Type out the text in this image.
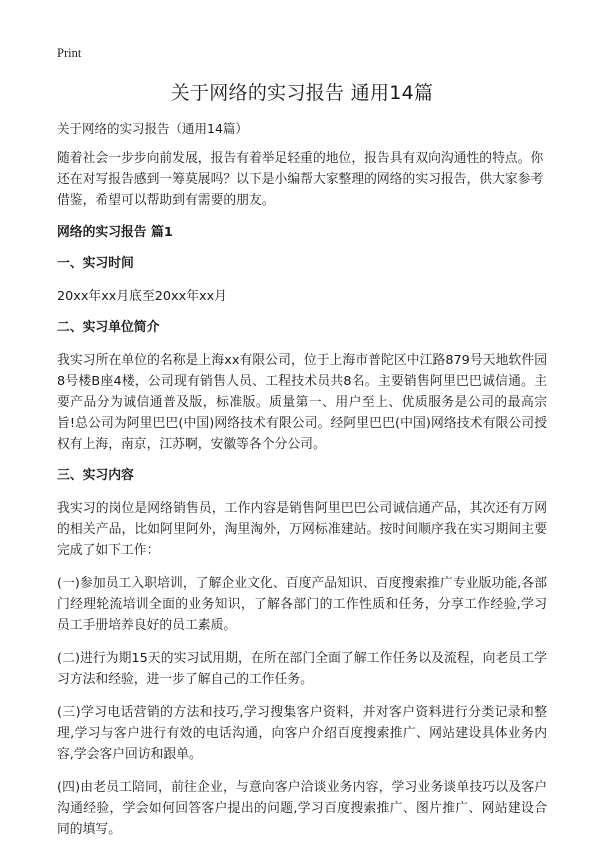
Print
关于网络的实习报告 通用14篇

关于网络的实习报告（通用14篇）

随着社会一步步向前发展，报告有着举足轻重的地位，报告具有双向沟通性的特点。你还在对写报告感到一筹莫展吗？以下是小编帮大家整理的网络的实习报告，供大家参考借鉴，希望可以帮助到有需要的朋友。

网络的实习报告 篇1

一、实习时间

20xx年xx月底至20xx年xx月

二、实习单位简介

我实习所在单位的名称是上海xx有限公司，位于上海市普陀区中江路879号天地软件园8号楼B座4楼，公司现有销售人员、工程技术员共8名。主要销售阿里巴巴诚信通。主要产品分为诚信通普及版，标准版。质量第一、用户至上、优质服务是公司的最高宗旨!总公司为阿里巴巴(中国)网络技术有限公司。经阿里巴巴(中国)网络技术有限公司授权有上海，南京，江苏啊，安徽等各个分公司。

三、实习内容

我实习的岗位是网络销售员，工作内容是销售阿里巴巴公司诚信通产品，其次还有万网的相关产品，比如阿里阿外，淘里淘外，万网标准建站。按时间顺序我在实习期间主要完成了如下工作：

(一)参加员工入职培训，了解企业文化、百度产品知识、百度搜索推广专业版功能,各部门经理轮流培训全面的业务知识，了解各部门的工作性质和任务，分享工作经验,学习员工手册培养良好的员工素质。

(二)进行为期15天的实习试用期，在所在部门全面了解工作任务以及流程，向老员工学习方法和经验，进一步了解自己的工作任务。

(三)学习电话营销的方法和技巧,学习搜集客户资料，并对客户资料进行分类记录和整理,学习与客户进行有效的电话沟通，向客户介绍百度搜索推广、网站建设具体业务内容,学会客户回访和跟单。

(四)由老员工陪同，前往企业，与意向客户洽谈业务内容，学习业务谈单技巧以及客户沟通经验，学会如何回答客户提出的问题,学习百度搜索推广、图片推广、网站建设合同的填写。
